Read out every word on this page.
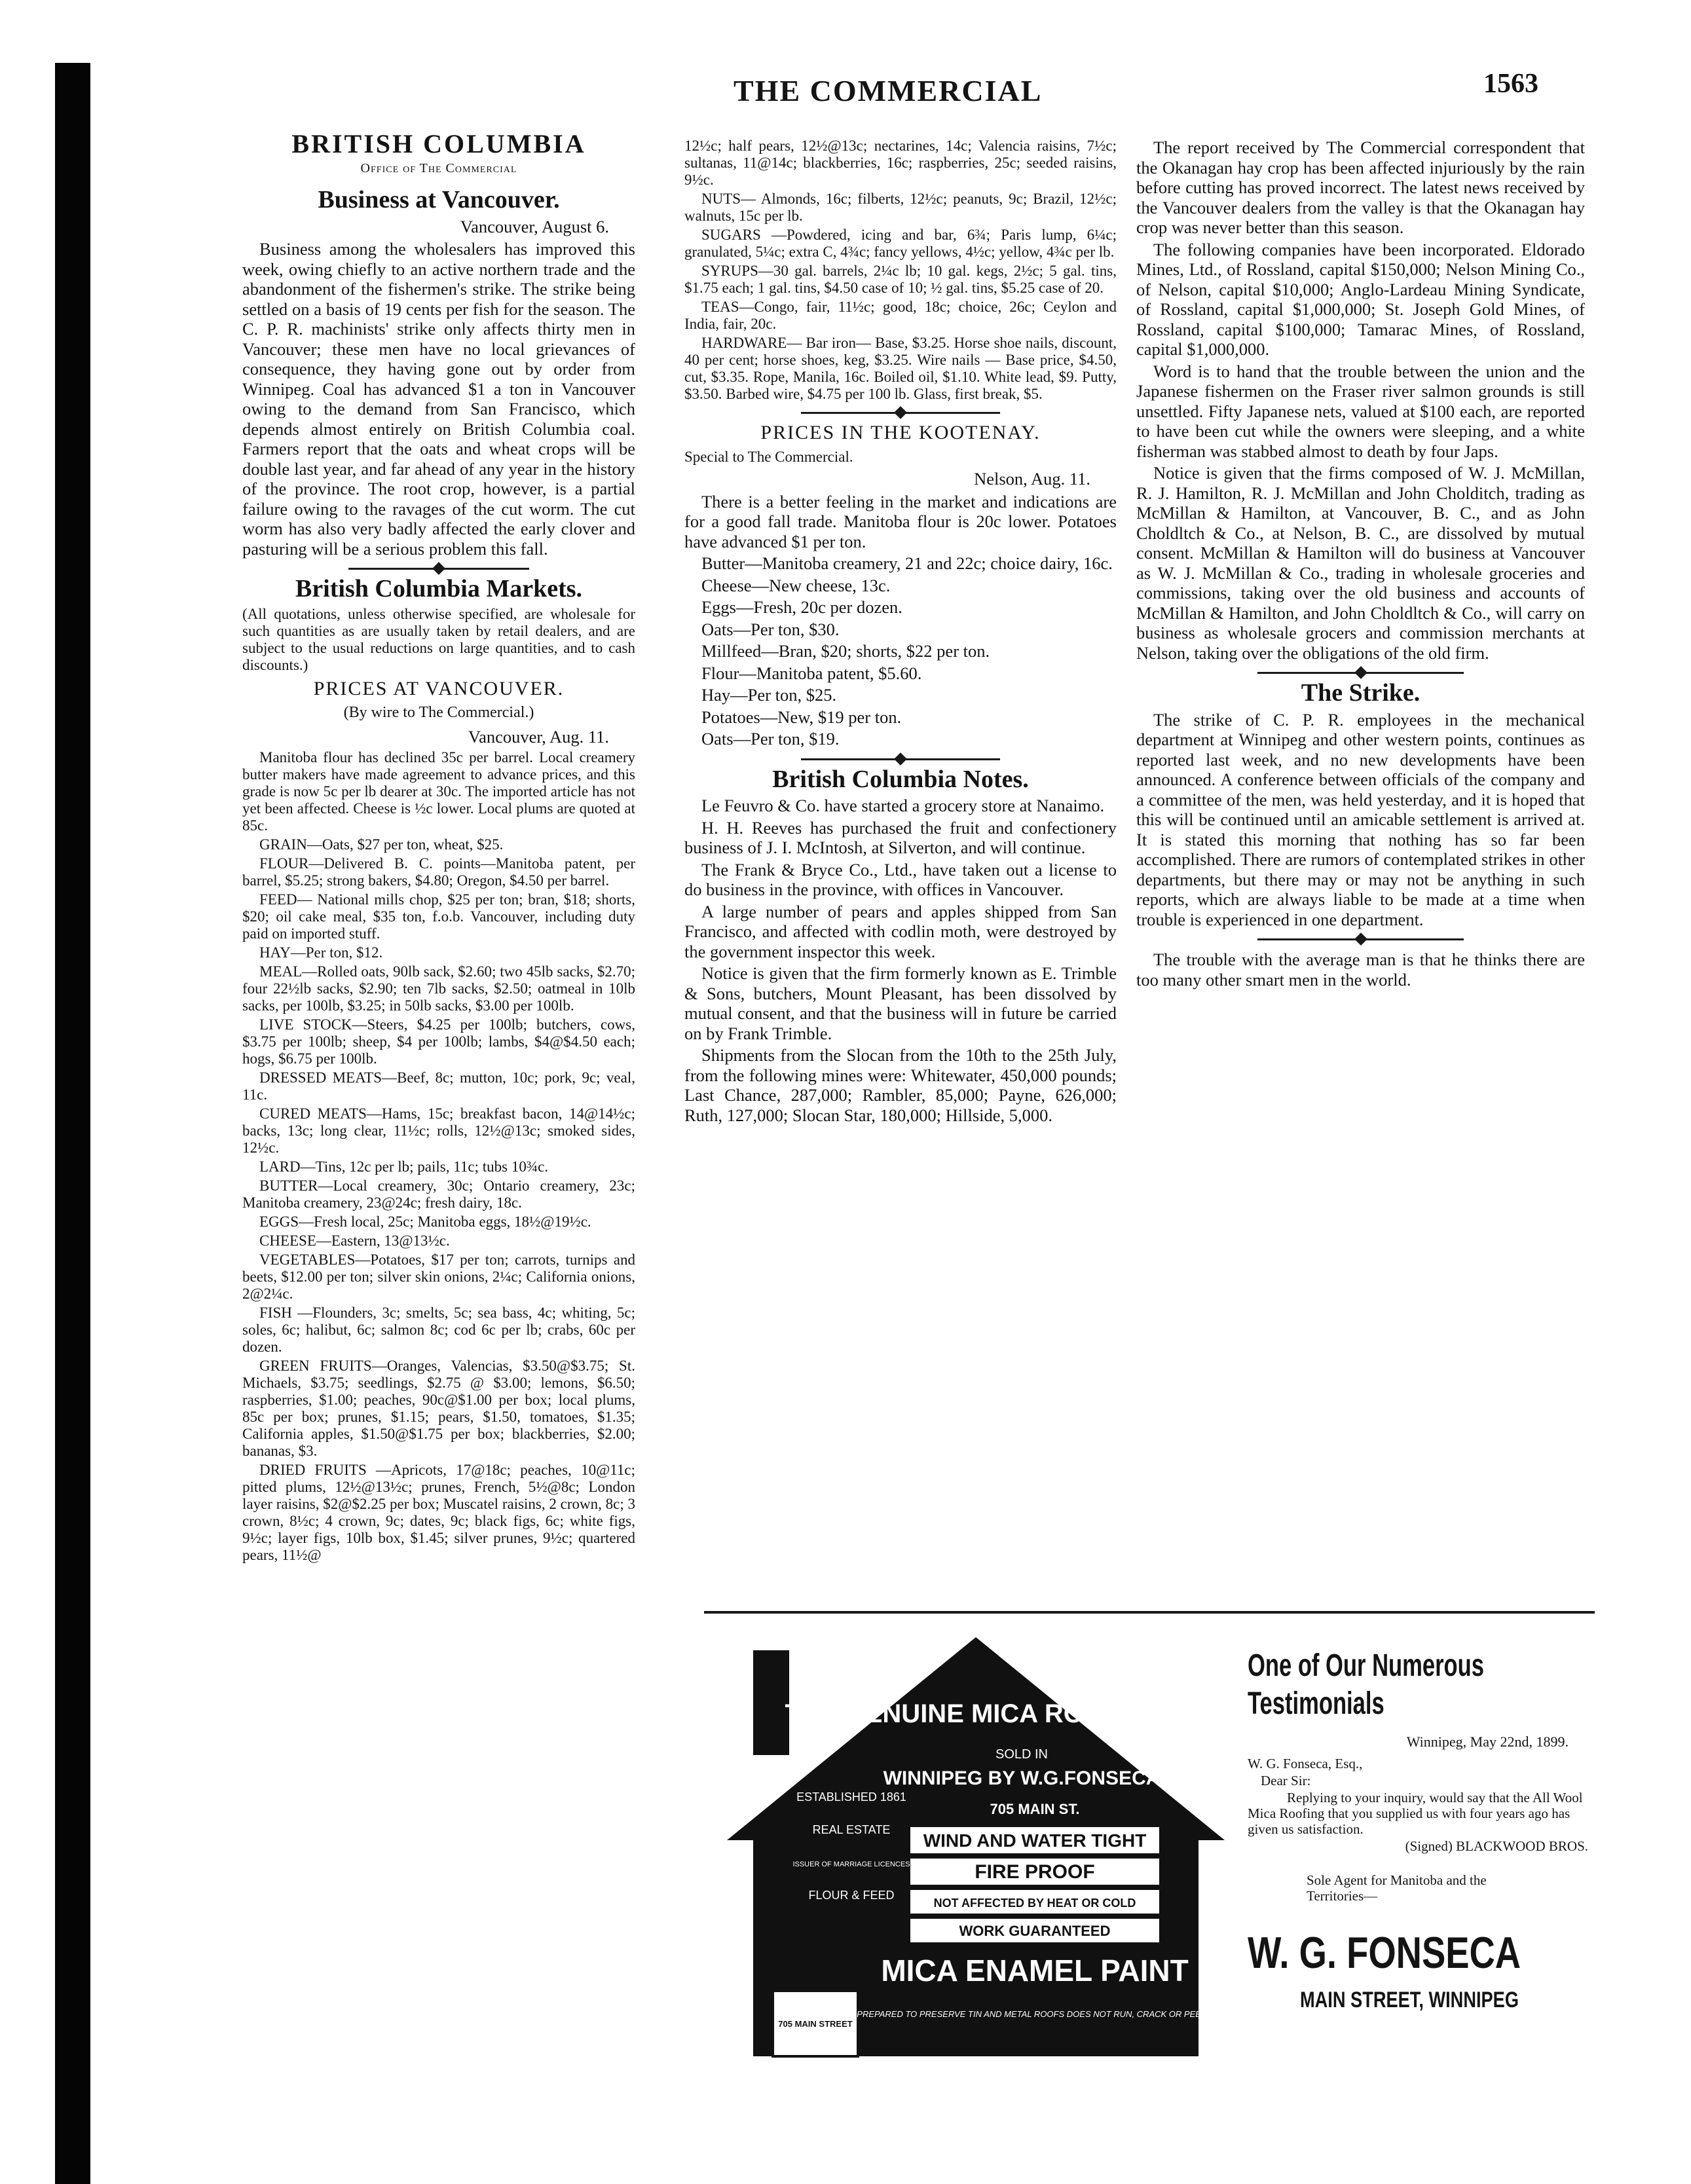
THE COMMERCIAL	1563
BRITISH COLUMBIA
Office of The Commercial
Business at Vancouver.
Vancouver, August 6.

Business among the wholesalers has improved this week, owing chiefly to an active northern trade and the abandonment of the fishermen's strike. The strike being settled on a basis of 19 cents per fish for the season. The C. P. R. machinists' strike only affects thirty men in Vancouver; these men have no local grievances of consequence, they having gone out by order from Winnipeg. Coal has advanced $1 a ton in Vancouver owing to the demand from San Francisco, which depends almost entirely on British Columbia coal. Farmers report that the oats and wheat crops will be double last year, and far ahead of any year in the history of the province. The root crop, however, is a partial failure owing to the ravages of the cut worm. The cut worm has also very badly affected the early clover and pasturing will be a serious problem this fall.

British Columbia Markets.

(All quotations, unless otherwise specified, are wholesale for such quantities as are usually taken by retail dealers, and are subject to the usual reductions on large quantities, and to cash discounts.)

PRICES AT VANCOUVER.
(By wire to The Commercial.)
Vancouver, Aug. 11.

Manitoba flour has declined 35c per barrel. Local creamery butter makers have made agreement to advance prices, and this grade is now 5c per lb dearer at 30c. The imported article has not yet been affected. Cheese is ½c lower. Local plums are quoted at 85c.

GRAIN—Oats, $27 per ton, wheat, $25.

FLOUR—Delivered B. C. points—Manitoba patent, per barrel, $5.25; strong bakers, $4.80; Oregon, $4.50 per barrel.

FEED— National mills chop, $25 per ton; bran, $18; shorts, $20; oil cake meal, $35 ton, f.o.b. Vancouver, including duty paid on imported stuff.

HAY—Per ton, $12.

MEAL—Rolled oats, 90lb sack, $2.60; two 45lb sacks, $2.70; four 22½lb sacks, $2.90; ten 7lb sacks, $2.50; oatmeal in 10lb sacks, per 100lb, $3.25; in 50lb sacks, $3.00 per 100lb.

LIVE STOCK—Steers, $4.25 per 100lb; butchers, cows, $3.75 per 100lb; sheep, $4 per 100lb; lambs, $4@$4.50 each; hogs, $6.75 per 100lb.

DRESSED MEATS—Beef, 8c; mutton, 10c; pork, 9c; veal, 11c.

CURED MEATS—Hams, 15c; breakfast bacon, 14@14½c; backs, 13c; long clear, 11½c; rolls, 12½@13c; smoked sides, 12½c.

LARD—Tins, 12c per lb; pails, 11c; tubs 10¾c.

BUTTER—Local creamery, 30c; Ontario creamery, 23c; Manitoba creamery, 23@24c; fresh dairy, 18c.

EGGS—Fresh local, 25c; Manitoba eggs, 18½@19½c.

CHEESE—Eastern, 13@13½c.

VEGETABLES—Potatoes, $17 per ton; carrots, turnips and beets, $12.00 per ton; silver skin onions, 2¼c; California onions, 2@2¼c.

FISH —Flounders, 3c; smelts, 5c; sea bass, 4c; whiting, 5c; soles, 6c; halibut, 6c; salmon 8c; cod 6c per lb; crabs, 60c per dozen.

GREEN FRUITS—Oranges, Valencias, $3.50@$3.75; St. Michaels, $3.75; seedlings, $2.75 @ $3.00; lemons, $6.50; raspberries, $1.00; peaches, 90c@$1.00 per box; local plums, 85c per box; prunes, $1.15; pears, $1.50, tomatoes, $1.35; California apples, $1.50@$1.75 per box; blackberries, $2.00; bananas, $3.

DRIED FRUITS —Apricots, 17@18c; peaches, 10@11c; pitted plums, 12½@13½c; prunes, French, 5½@8c; London layer raisins, $2@$2.25 per box; Muscatel raisins, 2 crown, 8c; 3 crown, 8½c; 4 crown, 9c; dates, 9c; black figs, 6c; white figs, 9½c; layer figs, 10lb box, $1.45; silver prunes, 9½c; quartered pears, 11½@

12½c; half pears, 12½@13c; nectarines, 14c; Valencia raisins, 7½c; sultanas, 11@14c; blackberries, 16c; raspberries, 25c; seeded raisins, 9½c.

NUTS— Almonds, 16c; filberts, 12½c; peanuts, 9c; Brazil, 12½c; walnuts, 15c per lb.

SUGARS —Powdered, icing and bar, 6¾; Paris lump, 6¼c; granulated, 5¼c; extra C, 4¾c; fancy yellows, 4½c; yellow, 4¾c per lb.

SYRUPS—30 gal. barrels, 2¼c lb; 10 gal. kegs, 2½c; 5 gal. tins, $1.75 each; 1 gal. tins, $4.50 case of 10; ½ gal. tins, $5.25 case of 20.

TEAS—Congo, fair, 11½c; good, 18c; choice, 26c; Ceylon and India, fair, 20c.

HARDWARE— Bar iron— Base, $3.25. Horse shoe nails, discount, 40 per cent; horse shoes, keg, $3.25. Wire nails — Base price, $4.50, cut, $3.35. Rope, Manila, 16c. Boiled oil, $1.10. White lead, $9. Putty, $3.50. Barbed wire, $4.75 per 100 lb. Glass, first break, $5.

PRICES IN THE KOOTENAY.

Special to The Commercial.

Nelson, Aug. 11.

There is a better feeling in the market and indications are for a good fall trade. Manitoba flour is 20c lower. Potatoes have advanced $1 per ton.

Butter—Manitoba creamery, 21 and 22c; choice dairy, 16c.

Cheese—New cheese, 13c.

Eggs—Fresh, 20c per dozen.

Oats—Per ton, $30.

Millfeed—Bran, $20; shorts, $22 per ton.

Flour—Manitoba patent, $5.60.

Hay—Per ton, $25.

Potatoes—New, $19 per ton.

Oats—Per ton, $19.

British Columbia Notes.

Le Feuvro & Co. have started a grocery store at Nanaimo.

H. H. Reeves has purchased the fruit and confectionery business of J. I. McIntosh, at Silverton, and will continue.

The Frank & Bryce Co., Ltd., have taken out a license to do business in the province, with offices in Vancouver.

A large number of pears and apples shipped from San Francisco, and affected with codlin moth, were destroyed by the government inspector this week.

Notice is given that the firm formerly known as E. Trimble & Sons, butchers, Mount Pleasant, has been dissolved by mutual consent, and that the business will in future be carried on by Frank Trimble.

Shipments from the Slocan from the 10th to the 25th July, from the following mines were: Whitewater, 450,000 pounds; Last Chance, 287,000; Rambler, 85,000; Payne, 626,000; Ruth, 127,000; Slocan Star, 180,000; Hillside, 5,000.

The report received by The Commercial correspondent that the Okanagan hay crop has been affected injuriously by the rain before cutting has proved incorrect. The latest news received by the Vancouver dealers from the valley is that the Okanagan hay crop was never better than this season.

The following companies have been incorporated. Eldorado Mines, Ltd., of Rossland, capital $150,000; Nelson Mining Co., of Nelson, capital $10,000; Anglo-Lardeau Mining Syndicate, of Rossland, capital $1,000,000; St. Joseph Gold Mines, of Rossland, capital $100,000; Tamarac Mines, of Rossland, capital $1,000,000.

Word is to hand that the trouble between the union and the Japanese fishermen on the Fraser river salmon grounds is still unsettled. Fifty Japanese nets, valued at $100 each, are reported to have been cut while the owners were sleeping, and a white fisherman was stabbed almost to death by four Japs.

Notice is given that the firms composed of W. J. McMillan, R. J. Hamilton, R. J. McMillan and John Cholditch, trading as McMillan & Hamilton, at Vancouver, B. C., and as John Choldltch & Co., at Nelson, B. C., are dissolved by mutual consent. McMillan & Hamilton will do business at Vancouver as W. J. McMillan & Co., trading in wholesale groceries and commissions, taking over the old business and accounts of McMillan & Hamilton, and John Choldltch & Co., will carry on business as wholesale grocers and commission merchants at Nelson, taking over the obligations of the old firm.

The Strike.

The strike of C. P. R. employees in the mechanical department at Winnipeg and other western points, continues as reported last week, and no new developments have been announced. A conference between officials of the company and a committee of the men, was held yesterday, and it is hoped that this will be continued until an amicable settlement is arrived at. It is stated this morning that nothing has so far been accomplished. There are rumors of contemplated strikes in other departments, but there may or may not be anything in such reports, which are always liable to be made at a time when trouble is experienced in one department.

The trouble with the average man is that he thinks there are too many other smart men in the world.

THE GENUINE MICA ROOFING
SOLD IN
WINNIPEG BY W.G.FONSECA
705 MAIN ST.
WIND AND WATER TIGHT
FIRE PROOF
NOT AFFECTED BY HEAT OR COLD
WORK GUARANTEED
MICA ENAMEL PAINT
SPECIALLY PREPARED TO PRESERVE TIN AND METAL ROOFS DOES NOT RUN, CRACK OR PEEL DRIES HARD
ESTABLISHED 1861
REAL ESTATE
ISSUER OF MARRIAGE LICENCES
FLOUR & FEED
705 MAIN STREET
One of Our Numerous
Testimonials
Winnipeg, May 22nd, 1899.

W. G. Fonseca, Esq.,

Dear Sir:

Replying to your inquiry, would say that the All Wool Mica Roofing that you supplied us with four years ago has given us satisfaction.

(Signed) BLACKWOOD BROS.

Sole Agent for Manitoba and the Territories—

W. G. FONSECA
MAIN STREET, WINNIPEG
